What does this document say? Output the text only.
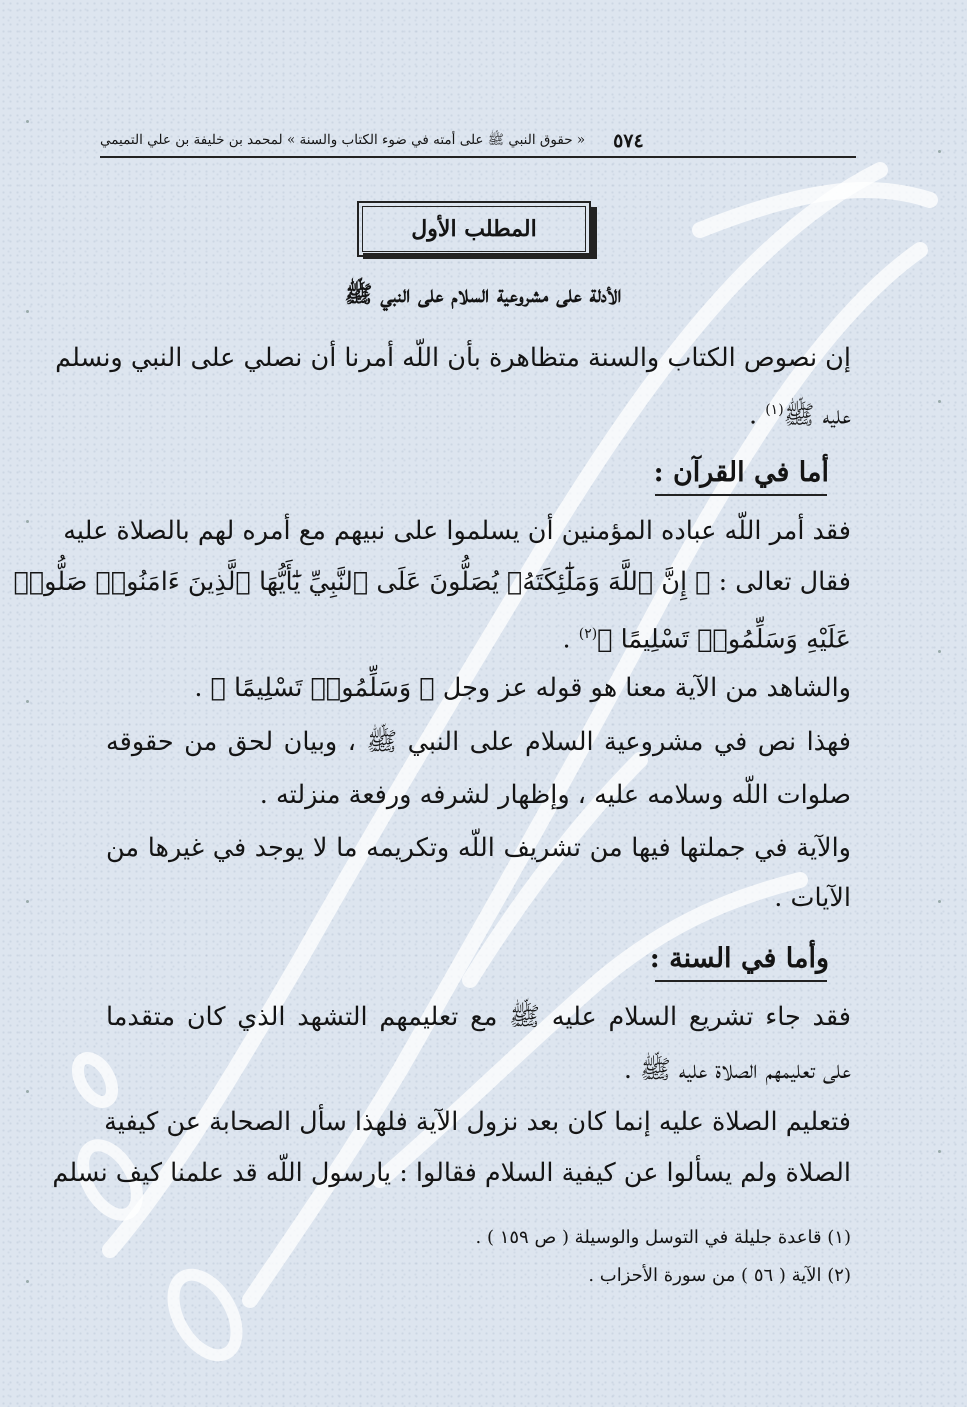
٥٧٤
« حقوق النبي ﷺ على أمته في ضوء الكتاب والسنة » لمحمد بن خليفة بن علي التميمي
المطلب الأول
الأدلة على مشروعية السلام على النبي ﷺ
إن نصوص الكتاب والسنة متظاهرة بأن اللّه أمرنا أن نصلي على النبي ونسلم
عليه ﷺ$^{(١)}$ .
أما في القرآن :
فقد أمر اللّه عباده المؤمنين أن يسلموا على نبيهم مع أمره لهم بالصلاة عليه
فقال تعالى : ﴿ إِنَّ ٱللَّهَ وَمَلَٰٓئِكَتَهُۥ يُصَلُّونَ عَلَى ٱلنَّبِيِّ يَٰٓأَيُّهَا ٱلَّذِينَ ءَامَنُوا۟ صَلُّوا۟
عَلَيْهِ وَسَلِّمُوا۟ تَسْلِيمًا ﴾$^{(٢)}$ .
والشاهد من الآية معنا هو قوله عز وجل ﴿ وَسَلِّمُوا۟ تَسْلِيمًا ﴾ .
فهذا نص في مشروعية السلام على النبي ﷺ ، وبيان لحق من حقوقه
صلوات اللّه وسلامه عليه ، وإظهار لشرفه ورفعة منزلته .
والآية في جملتها فيها من تشريف اللّه وتكريمه ما لا يوجد في غيرها من
الآيات .
وأما في السنة :
فقد جاء تشريع السلام عليه ﷺ مع تعليمهم التشهد الذي كان متقدما
على تعليمهم الصلاة عليه ﷺ .
فتعليم الصلاة عليه إنما كان بعد نزول الآية فلهذا سأل الصحابة عن كيفية
الصلاة ولم يسألوا عن كيفية السلام فقالوا : يارسول اللّه قد علمنا كيف نسلم
(١) قاعدة جليلة في التوسل والوسيلة ( ص ١٥٩ ) .
(٢) الآية ( ٥٦ ) من سورة الأحزاب .
